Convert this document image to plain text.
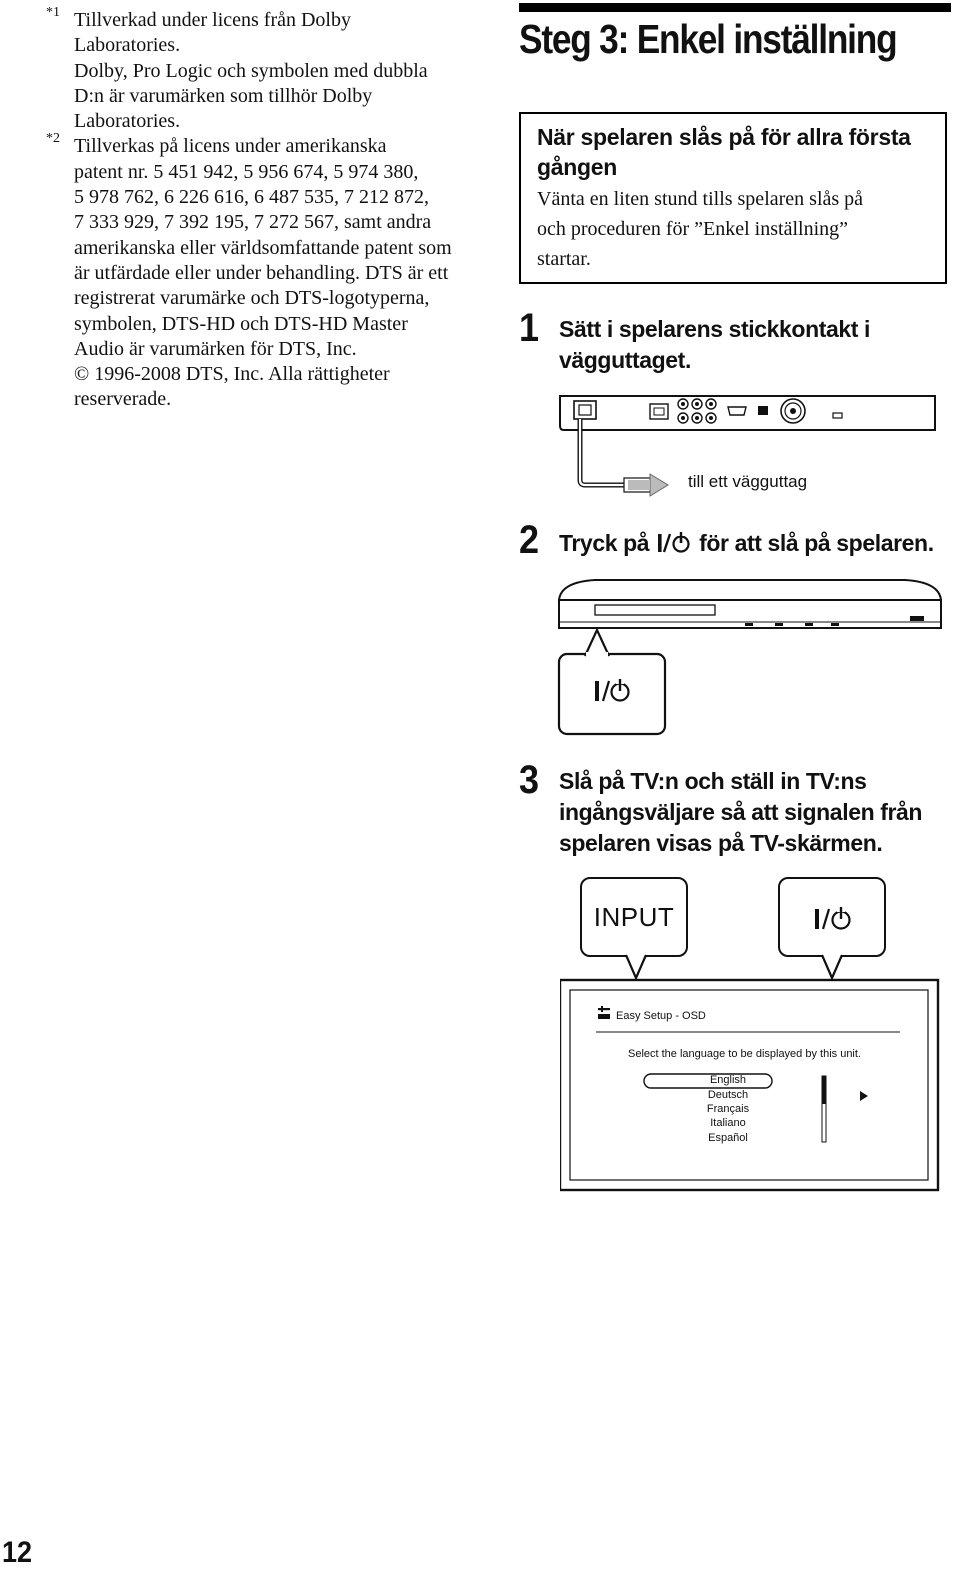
*1 Tillverkad under licens från Dolby
Laboratories.
Dolby, Pro Logic och symbolen med dubbla
D:n är varumärken som tillhör Dolby
Laboratories.
*2 Tillverkas på licens under amerikanska
patent nr. 5 451 942, 5 956 674, 5 974 380,
5 978 762, 6 226 616, 6 487 535, 7 212 872,
7 333 929, 7 392 195, 7 272 567, samt andra
amerikanska eller världsomfattande patent som
är utfärdade eller under behandling. DTS är ett
registrerat varumärke och DTS-logotyperna,
symbolen, DTS-HD och DTS-HD Master
Audio är varumärken för DTS, Inc.
© 1996-2008 DTS, Inc. Alla rättigheter
reserverade.
Steg 3: Enkel inställning
När spelaren slås på för allra första
gången
Vänta en liten stund tills spelaren slås på
och proceduren för ”Enkel inställning”
startar.
1 Sätt i spelarens stickkontakt i
vägguttaget.
2 Tryck på för att slå på spelaren.
3 Slå på TV:n och ställ in TV:ns
ingångsväljare så att signalen från
spelaren visas på TV-skärmen.
till ett vägguttag
INPUT
Easy Setup - OSD
Select the language to be displayed by this unit.
English
Deutsch
Français
Italiano
Español
12
